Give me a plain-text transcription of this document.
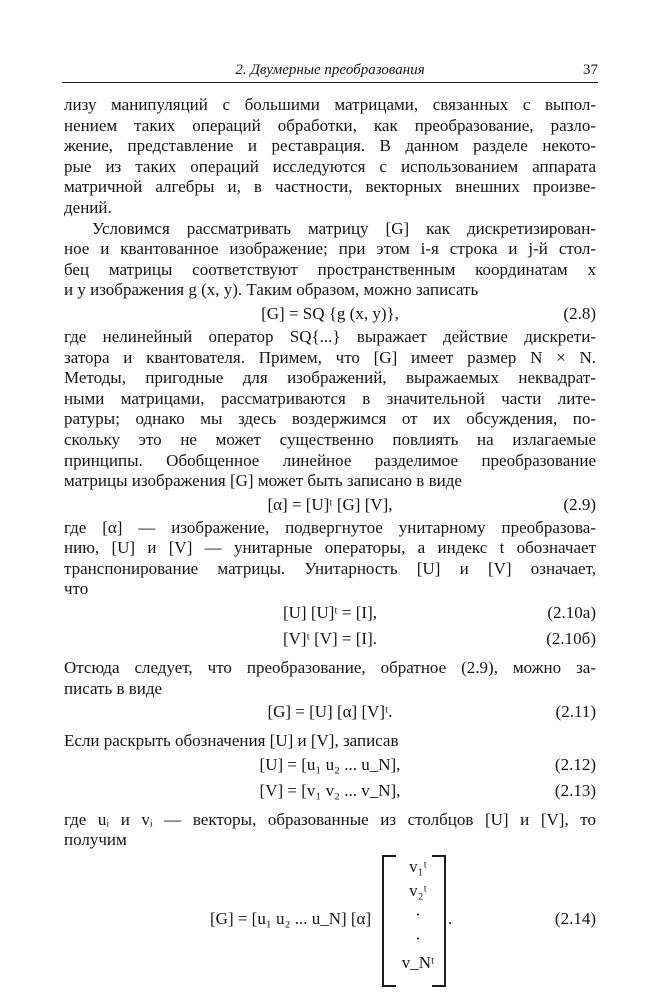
2. Двумерные преобразования	37

лизу манипуляций с большими матрицами, связанных с выпол-

нением таких операций обработки, как преобразование, разло-

жение, представление и реставрация. В данном разделе некото-

рые из таких операций исследуются с использованием аппарата

матричной алгебры и, в частности, векторных внешних произве-

дений.

Условимся рассматривать матрицу [G] как дискретизирован-

ное и квантованное изображение; при этом i-я строка и j-й стол-

бец матрицы соответствуют пространственным координатам x

и y изображения g (x, y). Таким образом, можно записать

[G] = SQ {g (x, y)},	(2.8)

где нелинейный оператор SQ{...} выражает действие дискрети-

затора и квантователя. Примем, что [G] имеет размер N × N.

Методы, пригодные для изображений, выражаемых неквадрат-

ными матрицами, рассматриваются в значительной части лите-

ратуры; однако мы здесь воздержимся от их обсуждения, по-

скольку это не может существенно повлиять на излагаемые

принципы. Обобщенное линейное разделимое преобразование

матрицы изображения [G] может быть записано в виде

[α] = [U]ᵗ [G] [V],	(2.9)

где [α] — изображение, подвергнутое унитарному преобразова-

нию, [U] и [V] — унитарные операторы, а индекс t обозначает

транспонирование матрицы. Унитарность [U] и [V] означает,

что

[U] [U]ᵗ = [I],	(2.10а)
[V]ᵗ [V] = [I].	(2.10б)

Отсюда следует, что преобразование, обратное (2.9), можно за-

писать в виде

[G] = [U] [α] [V]ᵗ.	(2.11)

Если раскрыть обозначения [U] и [V], записав

[U] = [u₁ u₂ ... u_N],	(2.12)
[V] = [v₁ v₂ ... v_N],	(2.13)

где uᵢ и vᵢ — векторы, образованные из столбцов [U] и [V], то

получим

[G] = [u₁ u₂ ... u_N] [α]
v₁ᵗ
v₂ᵗ
·
·
v_Nᵗ
.	(2.14)
